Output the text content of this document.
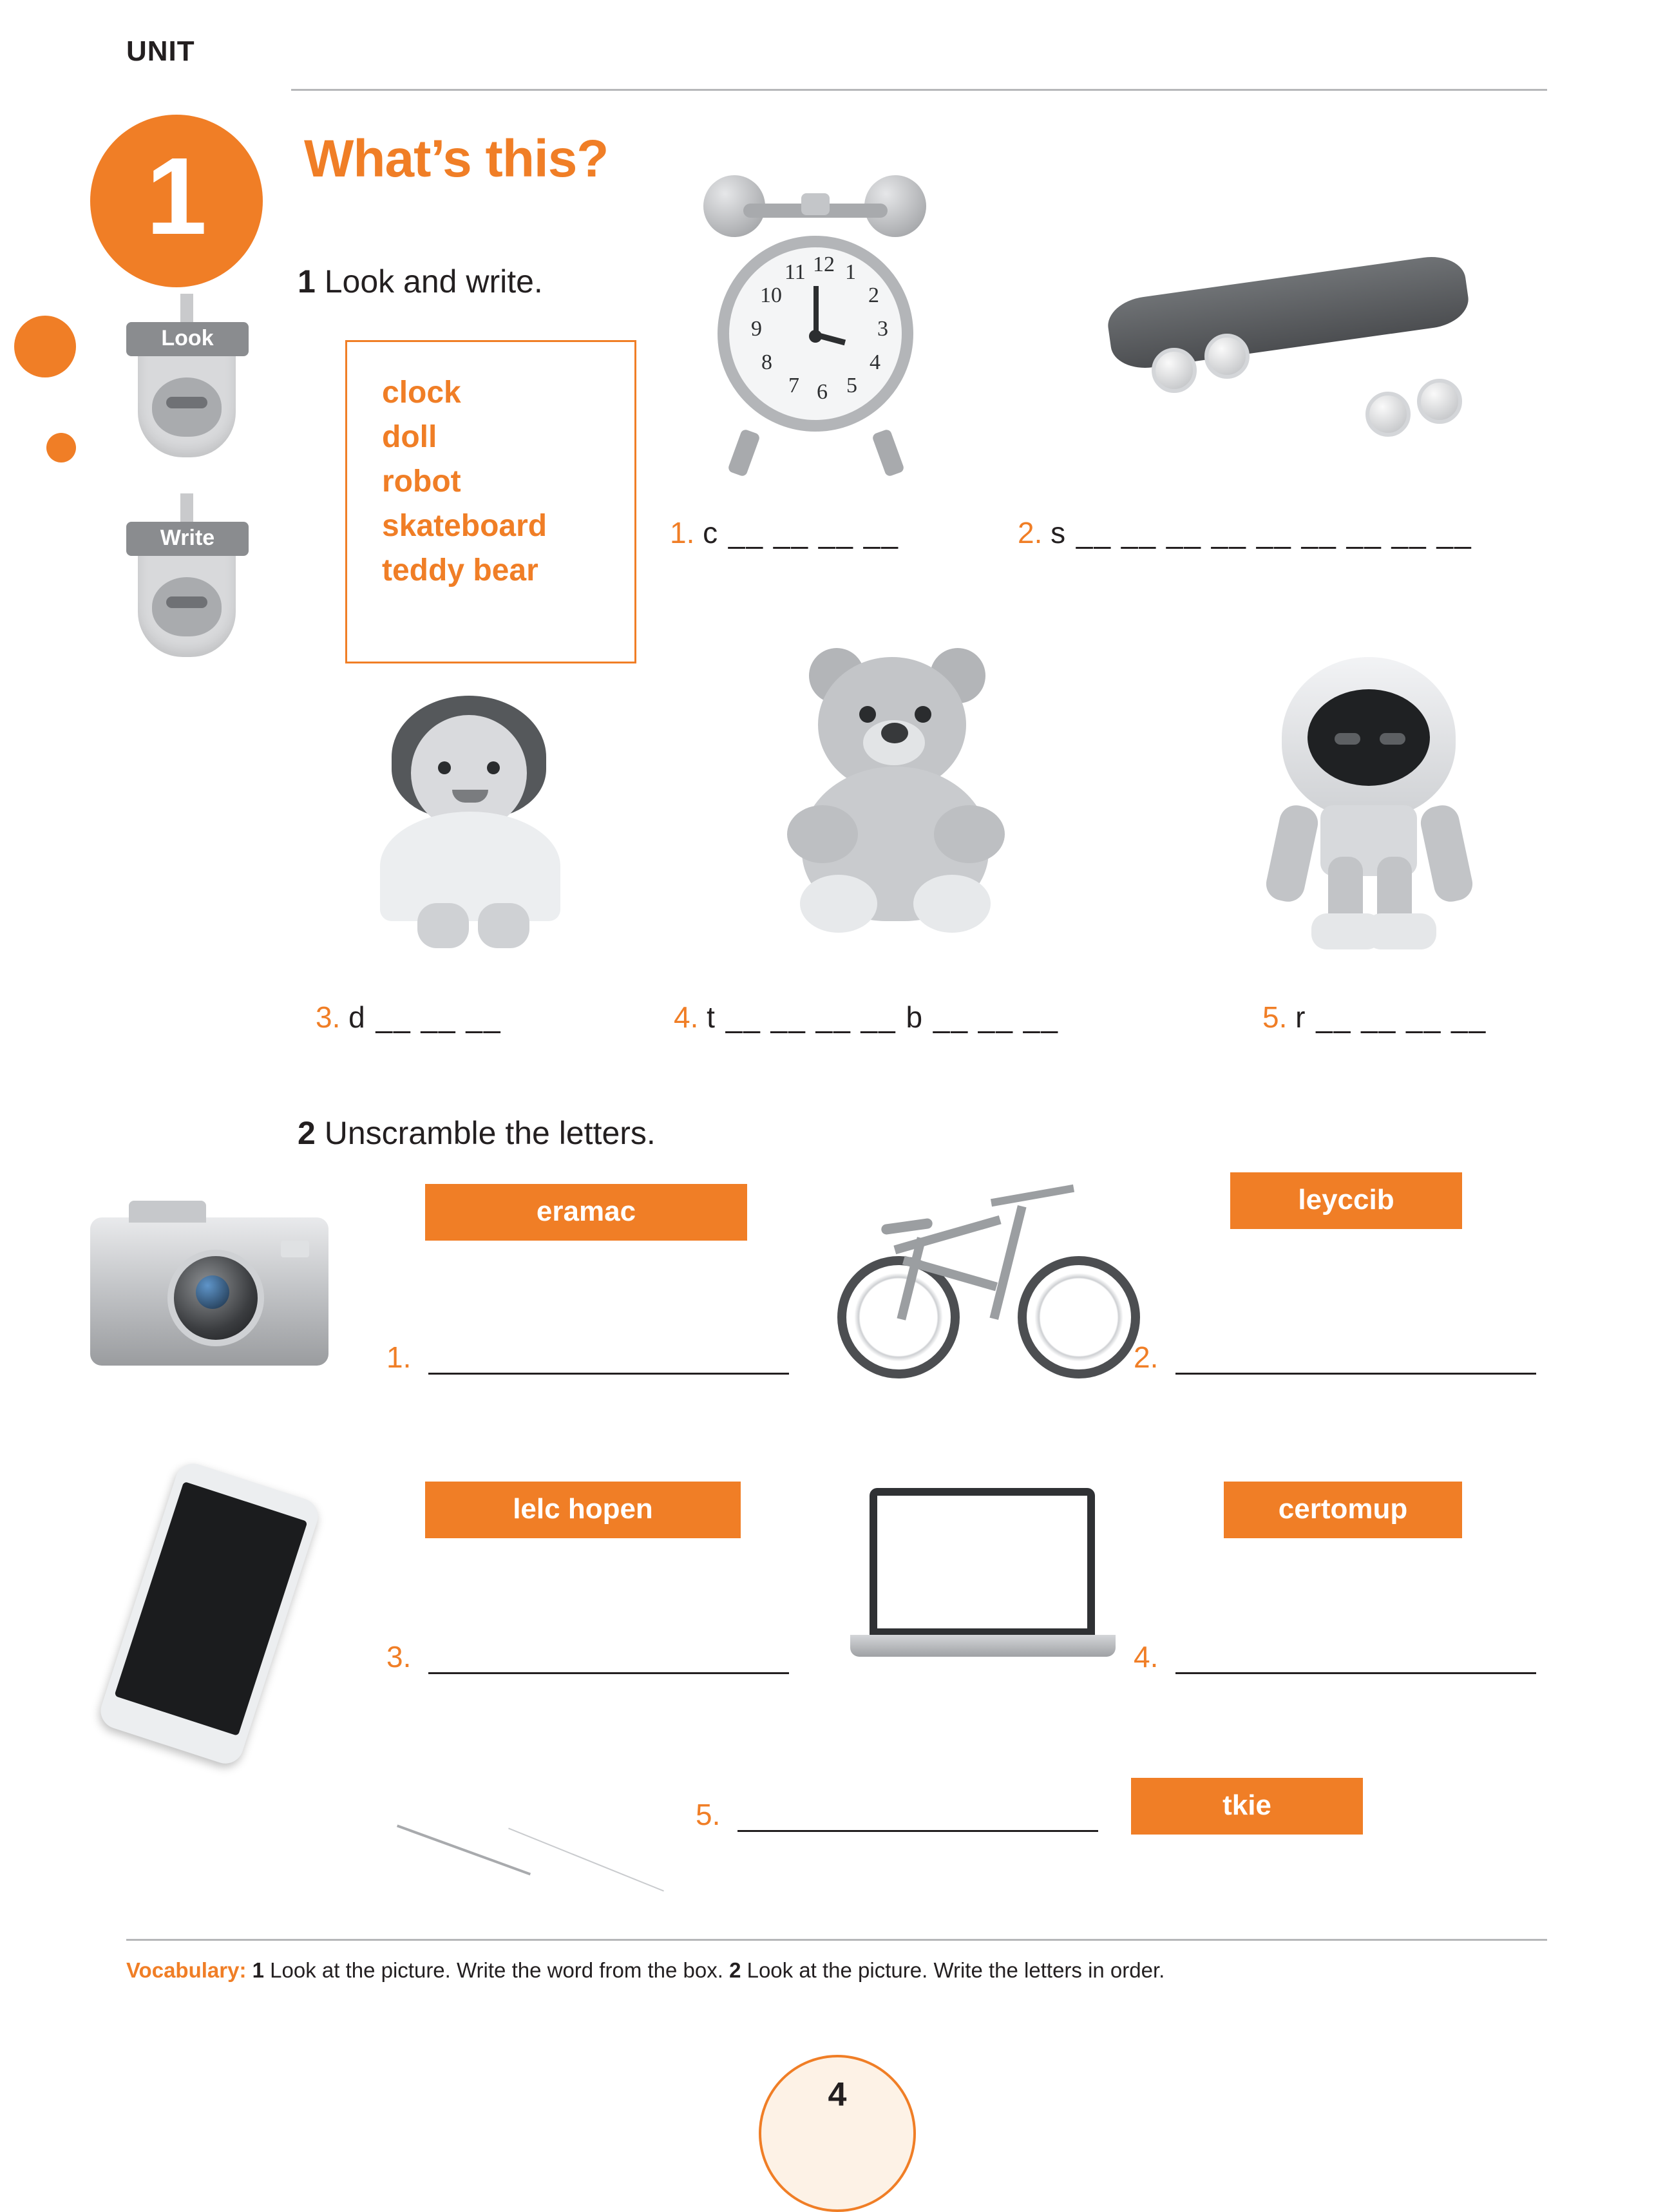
UNIT
1 What’s this?
Look
Write
1 Look and write.
clock
doll
robot
skateboard
teddy bear
12
11
10
9
8
7 6 5
4
3
2
1
1. c __ __ __ __	2. s __ __ __ __ __ __ __ __ __
3. d __ __ __	4. t __ __ __ __ b __ __ __	5. r __ __ __ __
2 Unscramble the letters.
eramac	leyccib
lelc hopen	certomup
tkie
1.	2.
3.	4.
5.
Vocabulary: 1 Look at the picture. Write the word from the box. 2 Look at the picture. Write the letters in order.
4
